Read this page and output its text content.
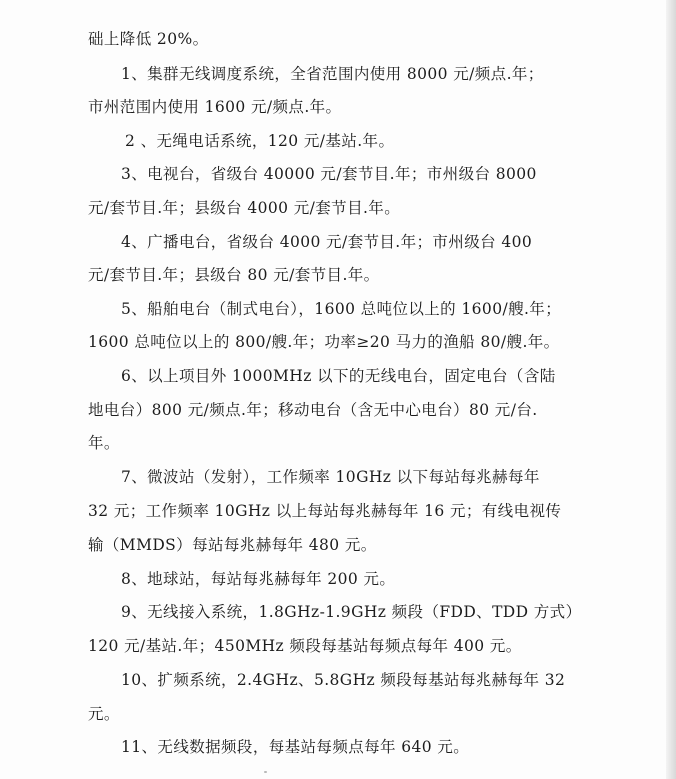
础上降低 20%。
1、集群无线调度系统，全省范围内使用 8000 元/频点.年；
市州范围内使用 1600 元/频点.年。
2 、无绳电话系统，120 元/基站.年。
3、电视台，省级台 40000 元/套节目.年；市州级台 8000
元/套节目.年；县级台 4000 元/套节目.年。
4、广播电台，省级台 4000 元/套节目.年；市州级台 400
元/套节目.年；县级台 80 元/套节目.年。
5、船舶电台（制式电台），1600 总吨位以上的 1600/艘.年；
1600 总吨位以上的 800/艘.年；功率≥20 马力的渔船 80/艘.年。
6、以上项目外 1000MHz 以下的无线电台，固定电台（含陆
地电台）800 元/频点.年；移动电台（含无中心电台）80 元/台.
年。
7、微波站（发射），工作频率 10GHz 以下每站每兆赫每年
32 元；工作频率 10GHz 以上每站每兆赫每年 16 元；有线电视传
输（MMDS）每站每兆赫每年 480 元。
8、地球站，每站每兆赫每年 200 元。
9、无线接入系统，1.8GHz-1.9GHz 频段（FDD、TDD 方式）
120 元/基站.年；450MHz 频段每基站每频点每年 400 元。
10、扩频系统，2.4GHz、5.8GHz 频段每基站每兆赫每年 32
元。
11、无线数据频段，每基站每频点每年 640 元。
